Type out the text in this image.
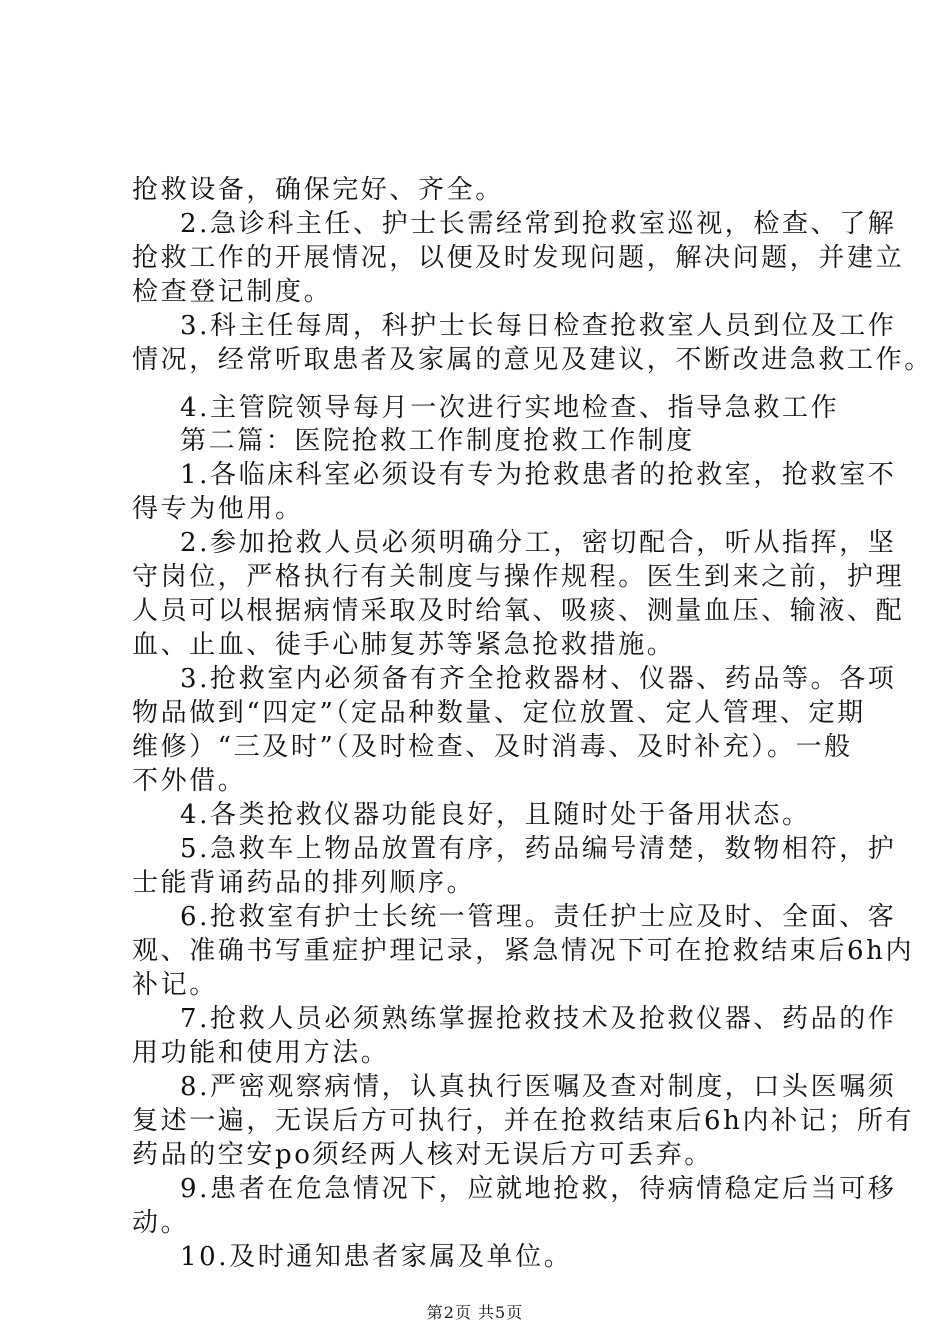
抢救设备，确保完好、齐全。

2.急诊科主任、护士长需经常到抢救室巡视，检查、了解

抢救工作的开展情况，以便及时发现问题，解决问题，并建立

检查登记制度。

3.科主任每周，科护士长每日检查抢救室人员到位及工作

情况，经常听取患者及家属的意见及建议，不断改进急救工作。

4.主管院领导每月一次进行实地检查、指导急救工作

第二篇：医院抢救工作制度抢救工作制度

1.各临床科室必须设有专为抢救患者的抢救室，抢救室不

得专为他用。

2.参加抢救人员必须明确分工，密切配合，听从指挥，坚

守岗位，严格执行有关制度与操作规程。医生到来之前，护理

人员可以根据病情采取及时给氧、吸痰、测量血压、输液、配

血、止血、徒手心肺复苏等紧急抢救措施。

3.抢救室内必须备有齐全抢救器材、仪器、药品等。各项

物品做到“四定”（定品种数量、定位放置、定人管理、定期

维修）“三及时”（及时检查、及时消毒、及时补充）。一般

不外借。

4.各类抢救仪器功能良好，且随时处于备用状态。

5.急救车上物品放置有序，药品编号清楚，数物相符，护

士能背诵药品的排列顺序。

6.抢救室有护士长统一管理。责任护士应及时、全面、客

观、准确书写重症护理记录，紧急情况下可在抢救结束后6h内

补记。

7.抢救人员必须熟练掌握抢救技术及抢救仪器、药品的作

用功能和使用方法。

8.严密观察病情，认真执行医嘱及查对制度，口头医嘱须

复述一遍，无误后方可执行，并在抢救结束后6h内补记；所有

药品的空安po须经两人核对无误后方可丢弃。

9.患者在危急情况下，应就地抢救，待病情稳定后当可移

动。

10.及时通知患者家属及单位。

第2页 共5页
